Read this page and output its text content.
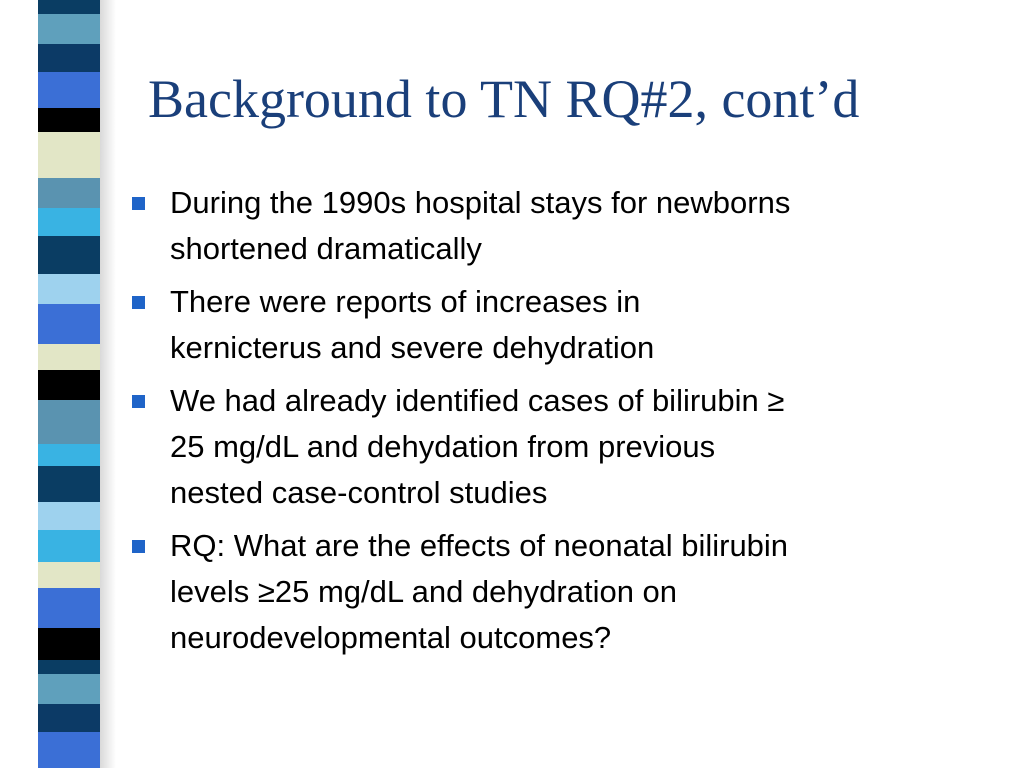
Background to TN RQ#2, cont’d
During the 1990s hospital stays for newborns
shortened dramatically
There were reports of increases in
kernicterus and severe dehydration
We had already identified cases of bilirubin ≥
25 mg/dL and dehydation from previous
nested case-control studies
RQ: What are the effects of neonatal bilirubin
levels ≥25 mg/dL and dehydration on
neurodevelopmental outcomes?
